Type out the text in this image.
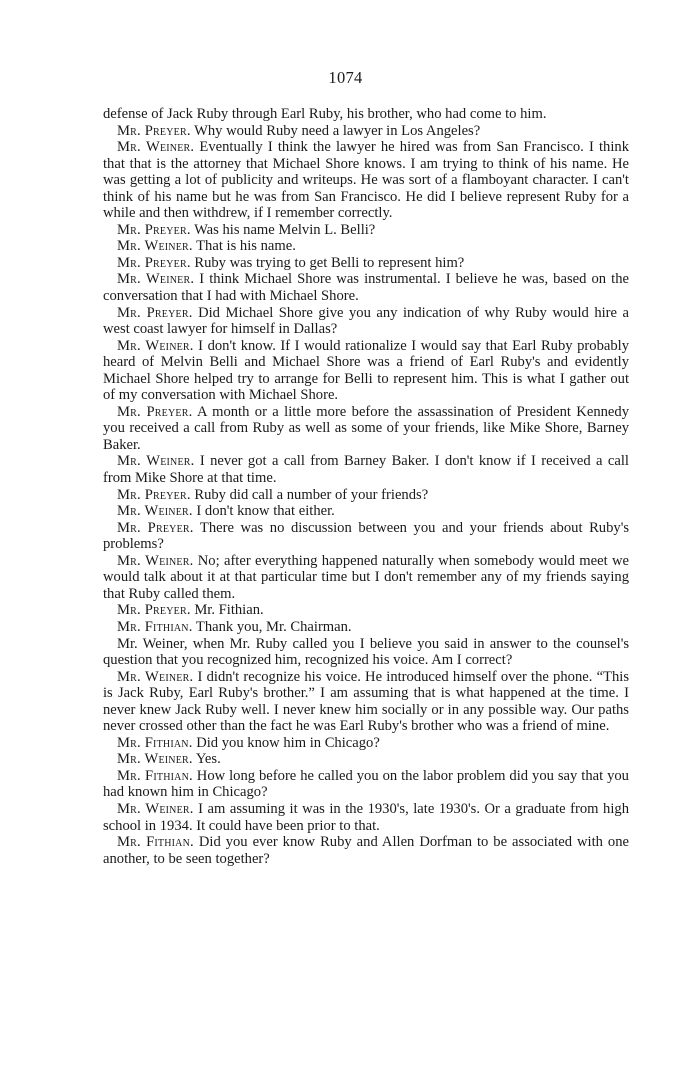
1074

defense of Jack Ruby through Earl Ruby, his brother, who had come to him.

Mr. Preyer. Why would Ruby need a lawyer in Los Angeles?

Mr. Weiner. Eventually I think the lawyer he hired was from San Francisco. I think that that is the attorney that Michael Shore knows. I am trying to think of his name. He was getting a lot of publicity and writeups. He was sort of a flamboyant character. I can't think of his name but he was from San Francisco. He did I believe represent Ruby for a while and then withdrew, if I remember correctly.

Mr. Preyer. Was his name Melvin L. Belli?

Mr. Weiner. That is his name.

Mr. Preyer. Ruby was trying to get Belli to represent him?

Mr. Weiner. I think Michael Shore was instrumental. I believe he was, based on the conversation that I had with Michael Shore.

Mr. Preyer. Did Michael Shore give you any indication of why Ruby would hire a west coast lawyer for himself in Dallas?

Mr. Weiner. I don't know. If I would rationalize I would say that Earl Ruby probably heard of Melvin Belli and Michael Shore was a friend of Earl Ruby's and evidently Michael Shore helped try to arrange for Belli to represent him. This is what I gather out of my conversation with Michael Shore.

Mr. Preyer. A month or a little more before the assassination of President Kennedy you received a call from Ruby as well as some of your friends, like Mike Shore, Barney Baker.

Mr. Weiner. I never got a call from Barney Baker. I don't know if I received a call from Mike Shore at that time.

Mr. Preyer. Ruby did call a number of your friends?

Mr. Weiner. I don't know that either.

Mr. Preyer. There was no discussion between you and your friends about Ruby's problems?

Mr. Weiner. No; after everything happened naturally when somebody would meet we would talk about it at that particular time but I don't remember any of my friends saying that Ruby called them.

Mr. Preyer. Mr. Fithian.

Mr. Fithian. Thank you, Mr. Chairman.

Mr. Weiner, when Mr. Ruby called you I believe you said in answer to the counsel's question that you recognized him, recognized his voice. Am I correct?

Mr. Weiner. I didn't recognize his voice. He introduced himself over the phone. “This is Jack Ruby, Earl Ruby's brother.” I am assuming that is what happened at the time. I never knew Jack Ruby well. I never knew him socially or in any possible way. Our paths never crossed other than the fact he was Earl Ruby's brother who was a friend of mine.

Mr. Fithian. Did you know him in Chicago?

Mr. Weiner. Yes.

Mr. Fithian. How long before he called you on the labor problem did you say that you had known him in Chicago?

Mr. Weiner. I am assuming it was in the 1930's, late 1930's. Or a graduate from high school in 1934. It could have been prior to that.

Mr. Fithian. Did you ever know Ruby and Allen Dorfman to be associated with one another, to be seen together?
